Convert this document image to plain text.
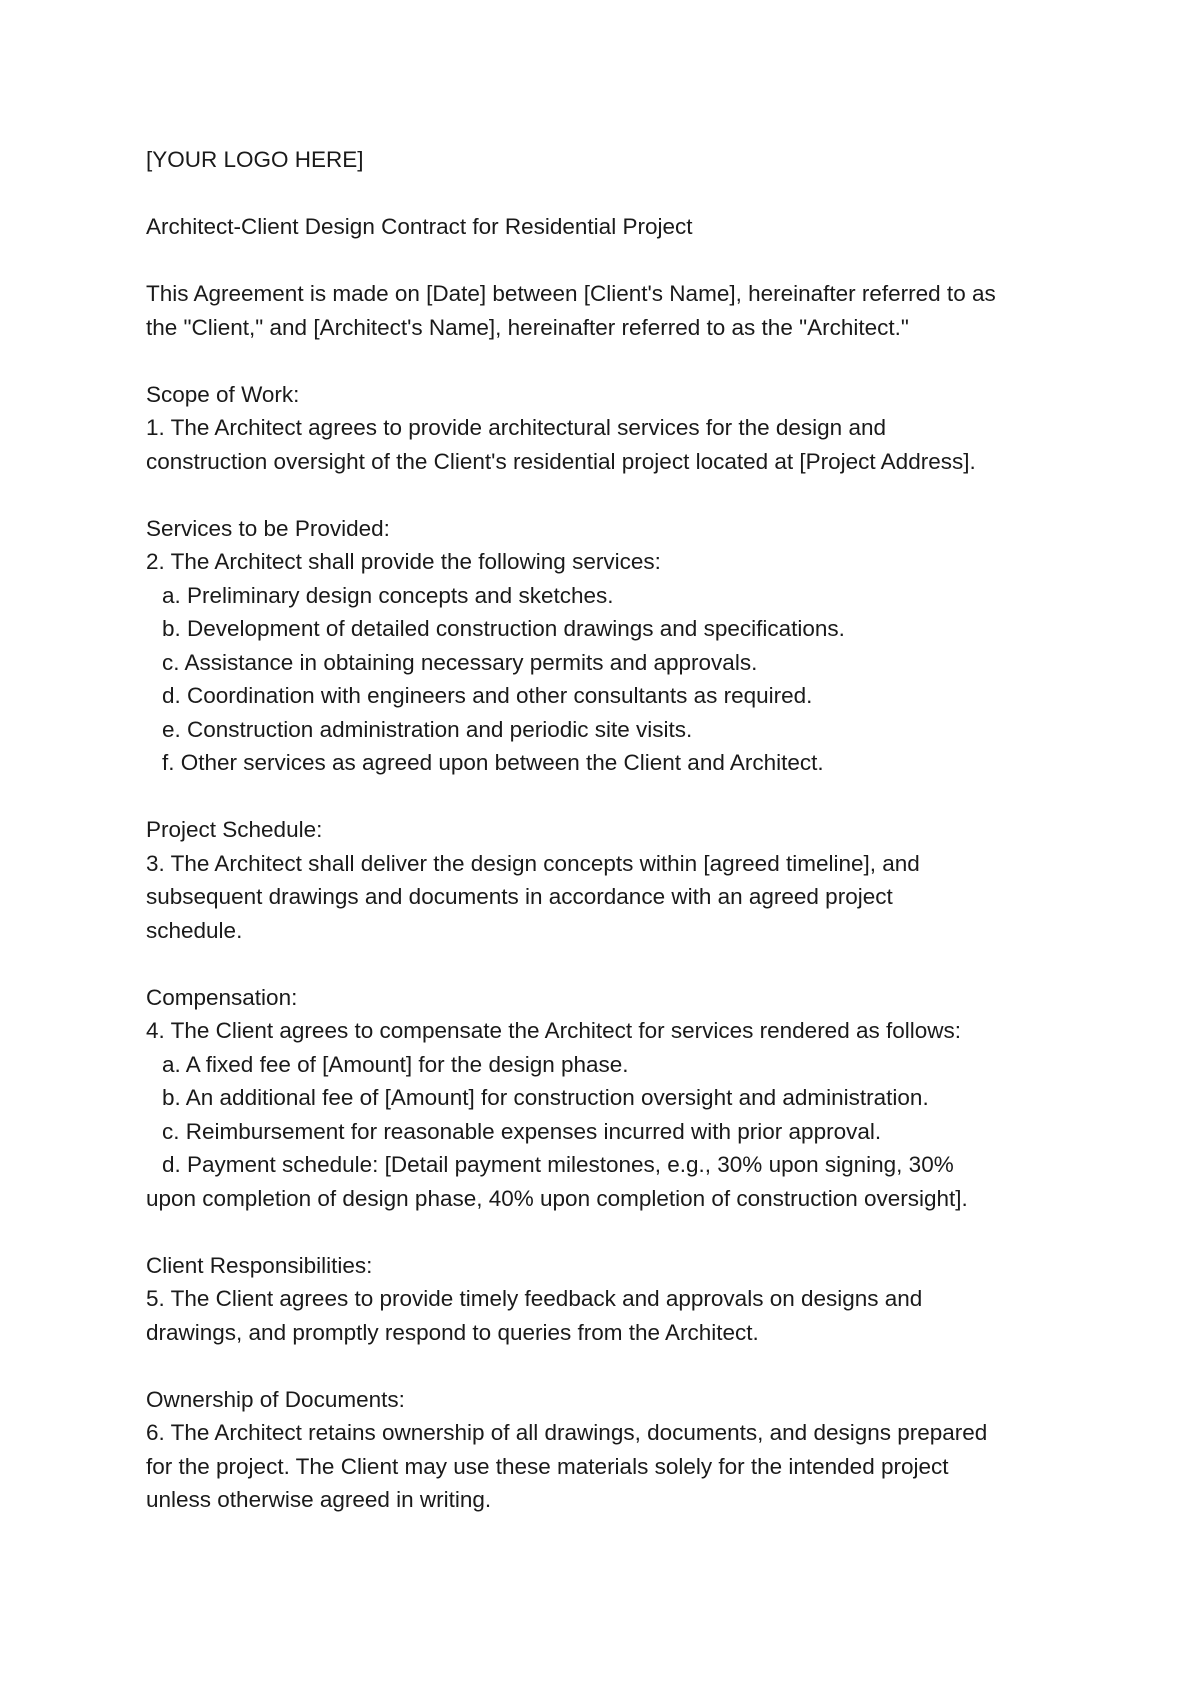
[YOUR LOGO HERE]
Architect-Client Design Contract for Residential Project
This Agreement is made on [Date] between [Client's Name], hereinafter referred to as
the "Client," and [Architect's Name], hereinafter referred to as the "Architect."
Scope of Work:
1. The Architect agrees to provide architectural services for the design and
construction oversight of the Client's residential project located at [Project Address].
Services to be Provided:
2. The Architect shall provide the following services:
a. Preliminary design concepts and sketches.
b. Development of detailed construction drawings and specifications.
c. Assistance in obtaining necessary permits and approvals.
d. Coordination with engineers and other consultants as required.
e. Construction administration and periodic site visits.
f. Other services as agreed upon between the Client and Architect.
Project Schedule:
3. The Architect shall deliver the design concepts within [agreed timeline], and
subsequent drawings and documents in accordance with an agreed project
schedule.
Compensation:
4. The Client agrees to compensate the Architect for services rendered as follows:
a. A fixed fee of [Amount] for the design phase.
b. An additional fee of [Amount] for construction oversight and administration.
c. Reimbursement for reasonable expenses incurred with prior approval.
d. Payment schedule: [Detail payment milestones, e.g., 30% upon signing, 30%
upon completion of design phase, 40% upon completion of construction oversight].
Client Responsibilities:
5. The Client agrees to provide timely feedback and approvals on designs and
drawings, and promptly respond to queries from the Architect.
Ownership of Documents:
6. The Architect retains ownership of all drawings, documents, and designs prepared
for the project. The Client may use these materials solely for the intended project
unless otherwise agreed in writing.
